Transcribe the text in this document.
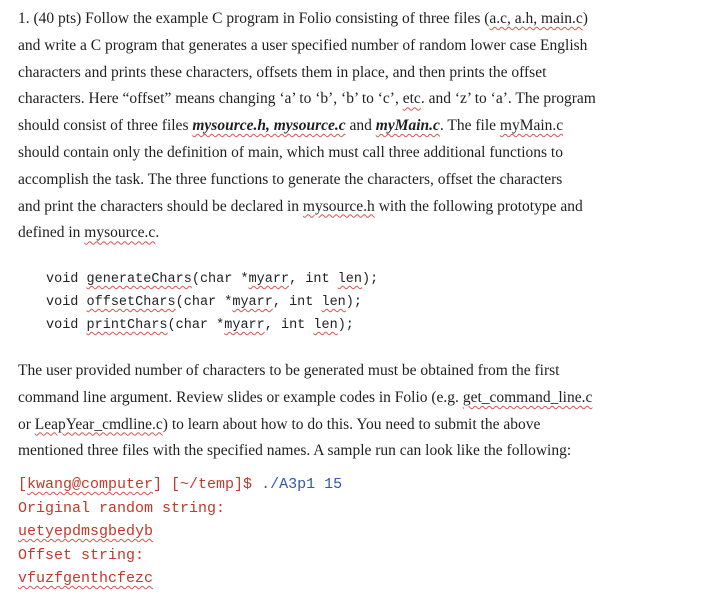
1. (40 pts) Follow the example C program in Folio consisting of three files (a.c, a.h, main.c)
and write a C program that generates a user specified number of random lower case English
characters and prints these characters, offsets them in place, and then prints the offset
characters. Here “offset” means changing ‘a’ to ‘b’, ‘b’ to ‘c’, etc. and ‘z’ to ‘a’. The program
should consist of three files mysource.h, mysource.c and myMain.c. The file myMain.c
should contain only the definition of main, which must call three additional functions to
accomplish the task. The three functions to generate the characters, offset the characters
and print the characters should be declared in mysource.h with the following prototype and
defined in mysource.c.
void generateChars(char *myarr, int len);
void offsetChars(char *myarr, int len);
void printChars(char *myarr, int len);
The user provided number of characters to be generated must be obtained from the first
command line argument. Review slides or example codes in Folio (e.g. get_command_line.c
or LeapYear_cmdline.c) to learn about how to do this. You need to submit the above
mentioned three files with the specified names. A sample run can look like the following:
[kwang@computer] [~/temp]$ ./A3p1 15
Original random string:
uetyepdmsgbedyb
Offset string:
vfuzfgenthcfezc
